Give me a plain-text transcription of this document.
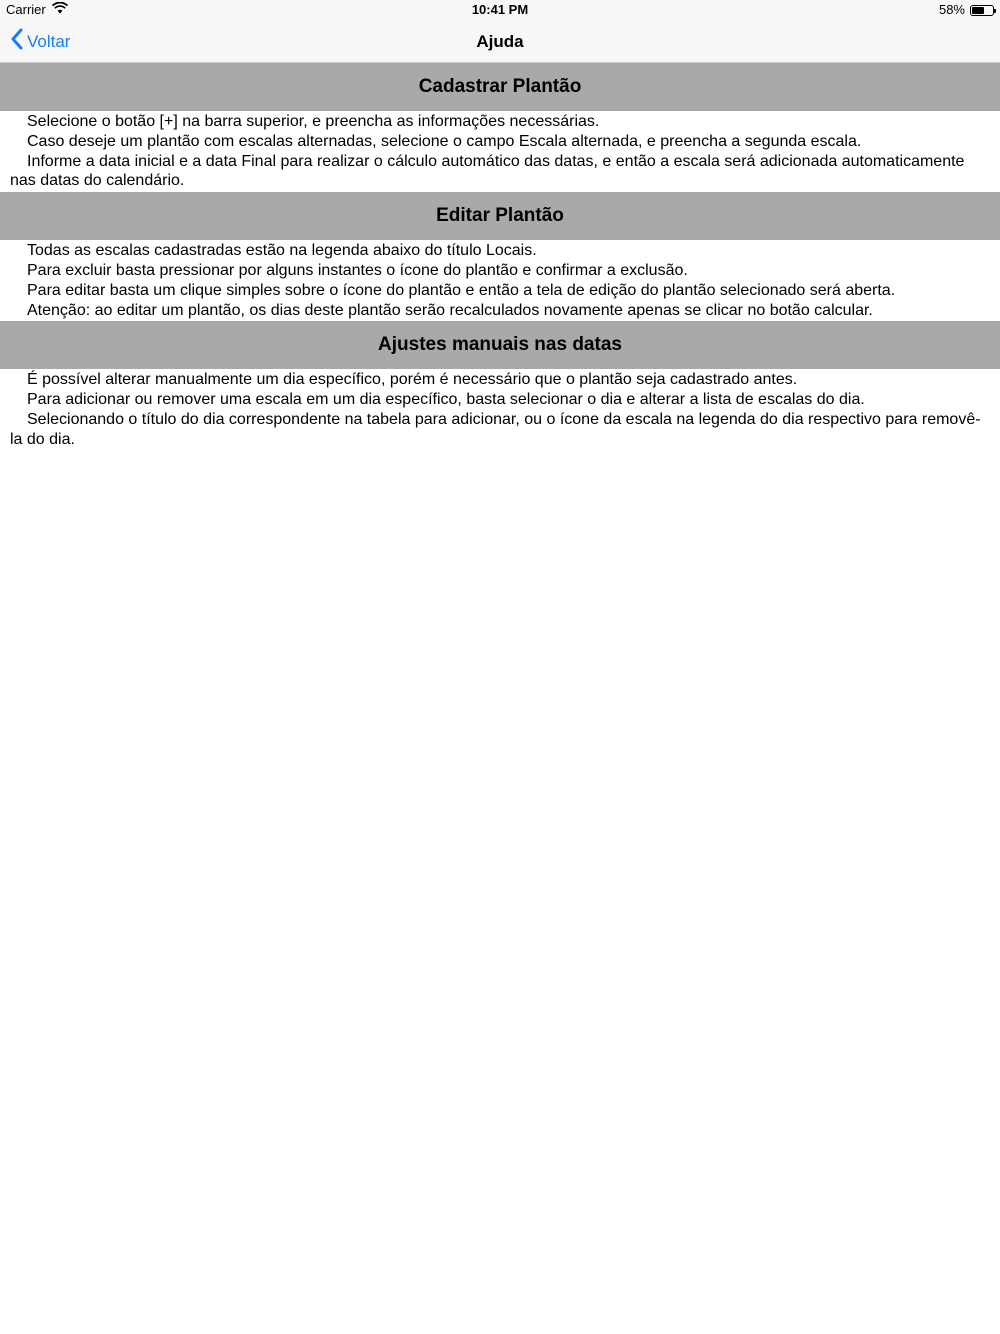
Carrier	10:41 PM	58%
Voltar	Ajuda
Cadastrar Plantão

Selecione o botão [+] na barra superior, e preencha as informações necessárias.

Caso deseje um plantão com escalas alternadas, selecione o campo Escala alternada, e preencha a segunda escala.

Informe a data inicial e a data Final para realizar o cálculo automático das datas, e então a escala será adicionada automaticamente nas datas do calendário.

Editar Plantão

Todas as escalas cadastradas estão na legenda abaixo do título Locais.

Para excluir basta pressionar por alguns instantes o ícone do plantão e confirmar a exclusão.

Para editar basta um clique simples sobre o ícone do plantão e então a tela de edição do plantão selecionado será aberta.

Atenção: ao editar um plantão, os dias deste plantão serão recalculados novamente apenas se clicar no botão calcular.

Ajustes manuais nas datas

É possível alterar manualmente um dia específico, porém é necessário que o plantão seja cadastrado antes.

Para adicionar ou remover uma escala em um dia específico, basta selecionar o dia e alterar a lista de escalas do dia.

Selecionando o título do dia correspondente na tabela para adicionar, ou o ícone da escala na legenda do dia respectivo para removê-la do dia.
